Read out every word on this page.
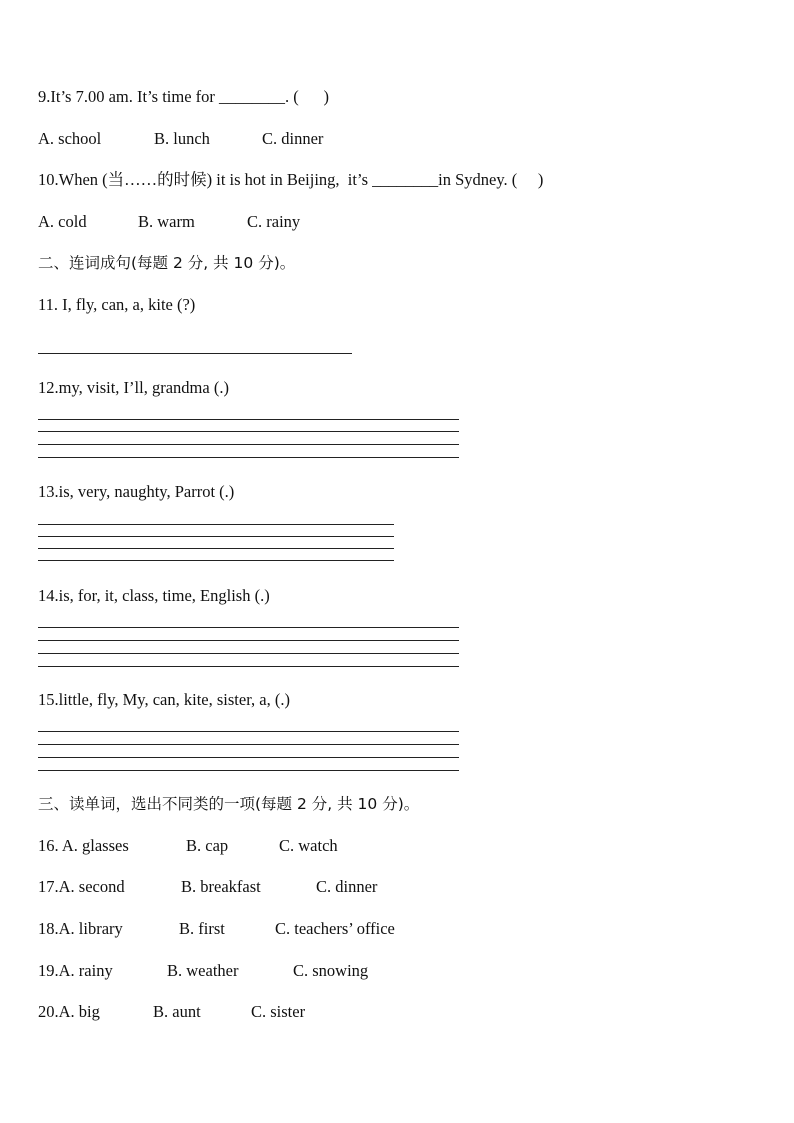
9.It’s 7.00 am. It’s time for ________. (      )
A. school	B. lunch	C. dinner
10.When (当……的时候) it is hot in Beijing,  it’s ________in Sydney. (     )
A. cold	B. warm	C. rainy
二、连词成句(每题 2 分, 共 10 分)。
11. I, fly, can, a, kite (?)
12.my, visit, I’ll, grandma (.)
13.is, very, naughty, Parrot (.)
14.is, for, it, class, time, English (.)
15.little, fly, My, can, kite, sister, a, (.)
三、读单词，选出不同类的一项(每题 2 分, 共 10 分)。
16. A. glasses	B. cap	C. watch
17.A. second	B. breakfast	C. dinner
18.A. library	B. first	C. teachers’ office
19.A. rainy	B. weather	C. snowing
20.A. big	B. aunt	C. sister
